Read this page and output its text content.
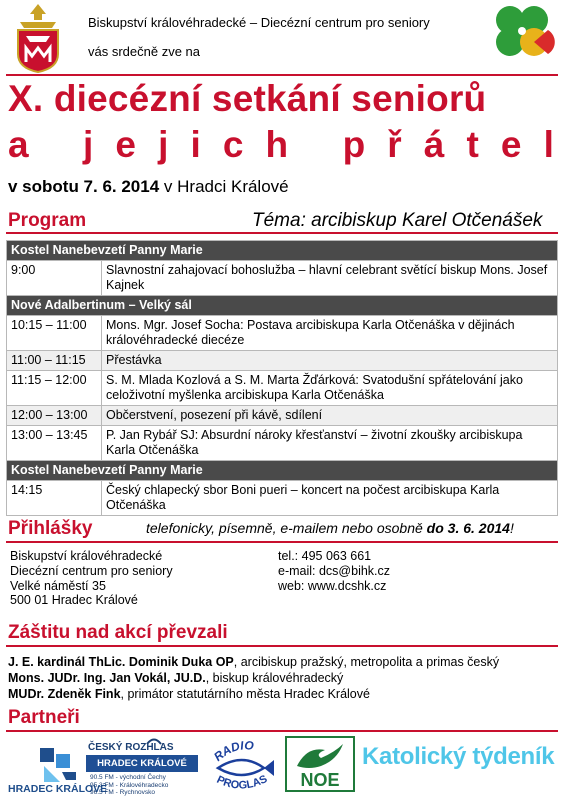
Biskupství královéhradecké – Diecézní centrum pro seniory
vás srdečně zve na
X. diecézní setkání seniorů
a
j e j i c h
p ř á t e l
v sobotu 7. 6. 2014 v Hradci Králové
Program	Téma: arcibiskup Karel Otčenášek
Kostel Nanebevzetí Panny Marie	
9:00	Slavnostní zahajovací bohoslužba – hlavní celebrant světící biskup Mons. Josef Kajnek
Nové Adalbertinum – Velký sál	
10:15 – 11:00	Mons. Mgr. Josef Socha: Postava arcibiskupa Karla Otčenáška v dějinách královéhradecké diecéze
11:00 – 11:15	Přestávka
11:15 – 12:00	S. M. Mlada Kozlová a S. M. Marta Žďárková: Svatodušní spřátelování jako celoživotní myšlenka arcibiskupa Karla Otčenáška
12:00 – 13:00	Občerstvení, posezení při kávě, sdílení
13:00 – 13:45	P. Jan Rybář SJ: Absurdní nároky křesťanství – životní zkoušky arcibiskupa Karla Otčenáška
Kostel Nanebevzetí Panny Marie	
14:15	Český chlapecký sbor Boni pueri – koncert na počest arcibiskupa Karla Otčenáška
Přihlášky	telefonicky, písemně, e-mailem nebo osobně do 3. 6. 2014!
Biskupství královéhradecké
Diecézní centrum pro seniory
Velké náměstí 35
500 01 Hradec Králové
tel.: 495 063 661
e-mail: dcs@bihk.cz
web: www.dcshk.cz
Záštitu nad akcí převzali
J. E. kardinál ThLic. Dominik Duka OP, arcibiskup pražský, metropolita a primas český
Mons. JUDr. Ing. Jan Vokál, JU.D., biskup královéhradecký
MUDr. Zdeněk Fink, primátor statutárního města Hradec Králové
Partneři
HRADEC KRÁLOVÉ
ČESKÝ ROZHLAS
HRADEC KRÁLOVÉ
90.5 FM - východní Čechy
95.3 FM - Královéhradecko
96.5 FM - Rychnovsko
RADIO
PROGLAS NOE
Katolický týdeník
